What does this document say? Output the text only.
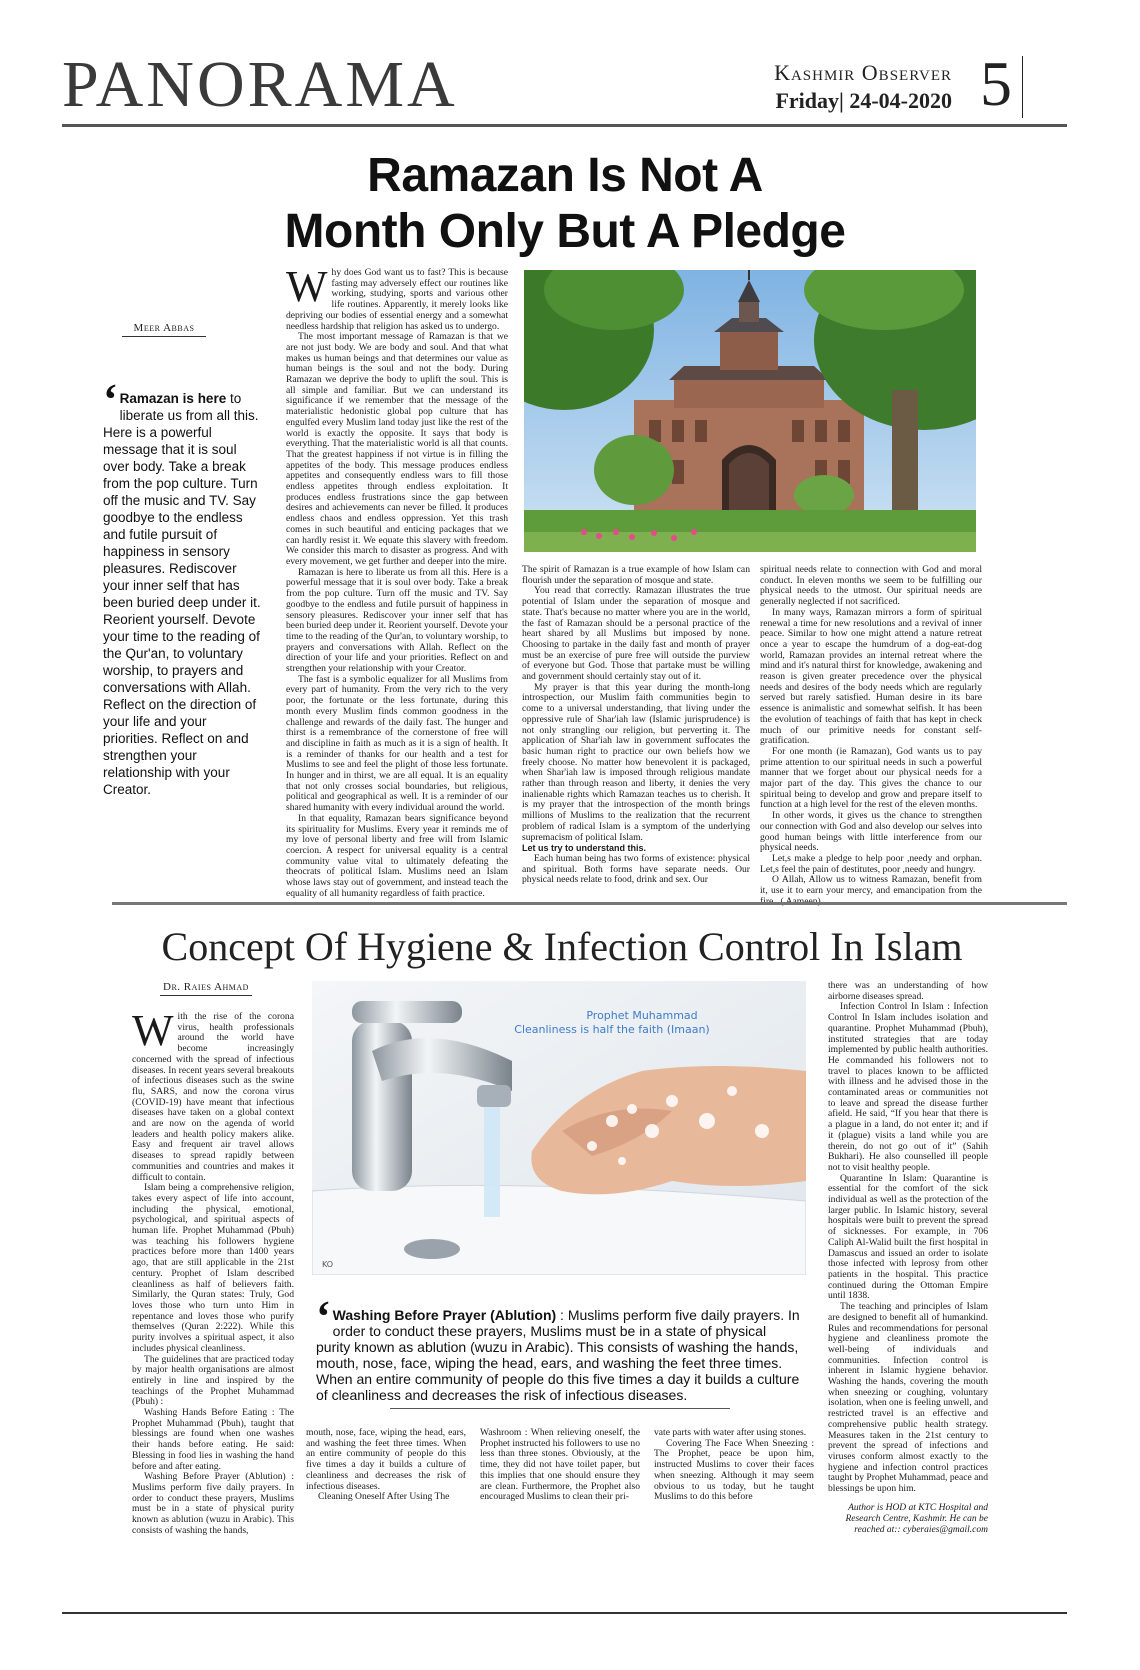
PANORAMA	Kashmir Observer
Friday| 24-04-2020 5
Ramazan Is Not A
Month Only But A Pledge
Meer Abbas
‘ Ramazan is here to liberate us from all this. Here is a powerful message that it is soul over body. Take a break from the pop culture. Turn off the music and TV. Say goodbye to the endless and futile pursuit of happiness in sensory pleasures. Rediscover your inner self that has been buried deep under it. Reorient yourself. Devote your time to the reading of the Qur'an, to voluntary worship, to prayers and conversations with Allah. Reflect on the direction of your life and your priorities. Reflect on and strengthen your relationship with your Creator.

Why does God want us to fast? This is because fasting may adversely effect our routines like working, studying, sports and various other life routines. Apparently, it merely looks like depriving our bodies of essential energy and a somewhat needless hardship that religion has asked us to undergo.

The most important message of Ramazan is that we are not just body. We are body and soul. And that what makes us human beings and that determines our value as human beings is the soul and not the body. During Ramazan we deprive the body to uplift the soul. This is all simple and familiar. But we can understand its significance if we remember that the message of the materialistic hedonistic global pop culture that has engulfed every Muslim land today just like the rest of the world is exactly the opposite. It says that body is everything. That the materialistic world is all that counts. That the greatest happiness if not virtue is in filling the appetites of the body. This message produces endless appetites and consequently endless wars to fill those endless appetites through endless exploitation. It produces endless frustrations since the gap between desires and achievements can never be filled. It produces endless chaos and endless oppression. Yet this trash comes in such beautiful and enticing packages that we can hardly resist it. We equate this slavery with freedom. We consider this march to disaster as progress. And with every movement, we get further and deeper into the mire.

Ramazan is here to liberate us from all this. Here is a powerful message that it is soul over body. Take a break from the pop culture. Turn off the music and TV. Say goodbye to the endless and futile pursuit of happiness in sensory pleasures. Rediscover your inner self that has been buried deep under it. Reorient yourself. Devote your time to the reading of the Qur'an, to voluntary worship, to prayers and conversations with Allah. Reflect on the direction of your life and your priorities. Reflect on and strengthen your relationship with your Creator.

The fast is a symbolic equalizer for all Muslims from every part of humanity. From the very rich to the very poor, the fortunate or the less fortunate, during this month every Muslim finds common goodness in the challenge and rewards of the daily fast. The hunger and thirst is a remembrance of the cornerstone of free will and discipline in faith as much as it is a sign of health. It is a reminder of thanks for our health and a test for Muslims to see and feel the plight of those less fortunate. In hunger and in thirst, we are all equal. It is an equality that not only crosses social boundaries, but religious, political and geographical as well. It is a reminder of our shared humanity with every individual around the world.

In that equality, Ramazan bears significance beyond its spirituality for Muslims. Every year it reminds me of my love of personal liberty and free will from Islamic coercion. A respect for universal equality is a central community value vital to ultimately defeating the theocrats of political Islam. Muslims need an Islam whose laws stay out of government, and instead teach the equality of all humanity regardless of faith practice.

The spirit of Ramazan is a true example of how Islam can flourish under the separation of mosque and state.

You read that correctly. Ramazan illustrates the true potential of Islam under the separation of mosque and state. That's because no matter where you are in the world, the fast of Ramazan should be a personal practice of the heart shared by all Muslims but imposed by none. Choosing to partake in the daily fast and month of prayer must be an exercise of pure free will outside the purview of everyone but God. Those that partake must be willing and government should certainly stay out of it.

My prayer is that this year during the month-long introspection, our Muslim faith communities begin to come to a universal understanding, that living under the oppressive rule of Shar'iah law (Islamic jurisprudence) is not only strangling our religion, but perverting it. The application of Shar'iah law in government suffocates the basic human right to practice our own beliefs how we freely choose. No matter how benevolent it is packaged, when Shar'iah law is imposed through religious mandate rather than through reason and liberty, it denies the very inalienable rights which Ramazan teaches us to cherish. It is my prayer that the introspection of the month brings millions of Muslims to the realization that the recurrent problem of radical Islam is a symptom of the underlying supremacism of political Islam.

Let us try to understand this.

Each human being has two forms of existence: physical and spiritual. Both forms have separate needs. Our physical needs relate to food, drink and sex. Our

spiritual needs relate to connection with God and moral conduct. In eleven months we seem to be fulfilling our physical needs to the utmost. Our spiritual needs are generally neglected if not sacrificed.

In many ways, Ramazan mirrors a form of spiritual renewal a time for new resolutions and a revival of inner peace. Similar to how one might attend a nature retreat once a year to escape the humdrum of a dog-eat-dog world, Ramazan provides an internal retreat where the mind and it's natural thirst for knowledge, awakening and reason is given greater precedence over the physical needs and desires of the body needs which are regularly served but rarely satisfied. Human desire in its bare essence is animalistic and somewhat selfish. It has been the evolution of teachings of faith that has kept in check much of our primitive needs for constant self-gratification.

For one month (ie Ramazan), God wants us to pay prime attention to our spiritual needs in such a powerful manner that we forget about our physical needs for a major part of the day. This gives the chance to our spiritual being to develop and grow and prepare itself to function at a high level for the rest of the eleven months.

In other words, it gives us the chance to strengthen our connection with God and also develop our selves into good human beings with little interference from our physical needs.

Let,s make a pledge to help poor ,needy and orphan. Let,s feel the pain of destitutes, poor ,needy and hungry.

O Allah, Allow us to witness Ramazan, benefit from it, use it to earn your mercy, and emancipation from the

Concept Of Hygiene & Infection Control In Islam
Dr. Raies Ahmad

With the rise of the corona virus, health professionals around the world have become increasingly concerned with the spread of infectious diseases. In recent years several breakouts of infectious diseases such as the swine flu, SARS, and now the corona virus (COVID-19) have meant that infectious diseases have taken on a global context and are now on the agenda of world leaders and health policy makers alike. Easy and frequent air travel allows diseases to spread rapidly between communities and countries and makes it difficult to contain.

Islam being a comprehensive religion, takes every aspect of life into account, including the physical, emotional, psychological, and spiritual aspects of human life. Prophet Muhammad (Pbuh) was teaching his followers hygiene practices before more than 1400 years ago, that are still applicable in the 21st century. Prophet of Islam described cleanliness as half of believers faith. Similarly, the Quran states: Truly, God loves those who turn unto Him in repentance and loves those who purify themselves (Quran 2:222). While this purity involves a spiritual aspect, it also includes physical cleanliness.

The guidelines that are practiced today by major health organisations are almost entirely in line and inspired by the teachings of the Prophet Muhammad (Pbuh) :

Washing Hands Before Eating : The Prophet Muhammad (Pbuh), taught that blessings are found when one washes their hands before eating. He said: Blessing in food lies in washing the hand before and after eating.

Washing Before Prayer (Ablution) : Muslims perform five daily prayers. In order to conduct these prayers, Muslims must be in a state of physical purity known as ablution (wuzu in Arabic). This consists of washing the hands,

Prophet Muhammad
Cleanliness is half the faith (Imaan)
KO
‘ Washing Before Prayer (Ablution) : Muslims perform five daily prayers. In order to conduct these prayers, Muslims must be in a state of physical purity known as ablution (wuzu in Arabic). This consists of washing the hands, mouth, nose, face, wiping the head, ears, and washing the feet three times. When an entire community of people do this five times a day it builds a culture of cleanliness and decreases the risk of infectious diseases.

mouth, nose, face, wiping the head, ears, and washing the feet three times. When an entire community of people do this five times a day it builds a culture of cleanliness and decreases the risk of infectious diseases.

Cleaning Oneself After Using The

Washroom : When relieving oneself, the Prophet instructed his followers to use no less than three stones. Obviously, at the time, they did not have toilet paper, but this implies that one should ensure they are clean. Furthermore, the Prophet also encouraged Muslims to clean their pri-

vate parts with water after using stones.

Covering The Face When Sneezing : The Prophet, peace be upon him, instructed Muslims to cover their faces when sneezing. Although it may seem obvious to us today, but he taught Muslims to do this before

there was an understanding of how airborne diseases spread.

Infection Control In Islam : Infection Control In Islam includes isolation and quarantine. Prophet Muhammad (Pbuh), instituted strategies that are today implemented by public health authorities. He commanded his followers not to travel to places known to be afflicted with illness and he advised those in the contaminated areas or communities not to leave and spread the disease further afield. He said, “If you hear that there is a plague in a land, do not enter it; and if it (plague) visits a land while you are therein, do not go out of it” (Sahih Bukhari). He also counselled ill people not to visit healthy people.

Quarantine In Islam: Quarantine is essential for the comfort of the sick individual as well as the protection of the larger public. In Islamic history, several hospitals were built to prevent the spread of sicknesses. For example, in 706 Caliph Al-Walid built the first hospital in Damascus and issued an order to isolate those infected with leprosy from other patients in the hospital. This practice continued during the Ottoman Empire until 1838.

The teaching and principles of Islam are designed to benefit all of humankind. Rules and recommendations for personal hygiene and cleanliness promote the well-being of individuals and communities. Infection control is inherent in Islamic hygiene behavior. Washing the hands, covering the mouth when sneezing or coughing, voluntary isolation, when one is feeling unwell, and restricted travel is an effective and comprehensive public health strategy. Measures taken in the 21st century to prevent the spread of infections and viruses conform almost exactly to the hygiene and infection control practices taught by Prophet Muhammad, peace and blessings be upon him.

Author is HOD at KTC Hospital and Research Centre, Kashmir. He can be reached at:: cyberaies@gmail.com
